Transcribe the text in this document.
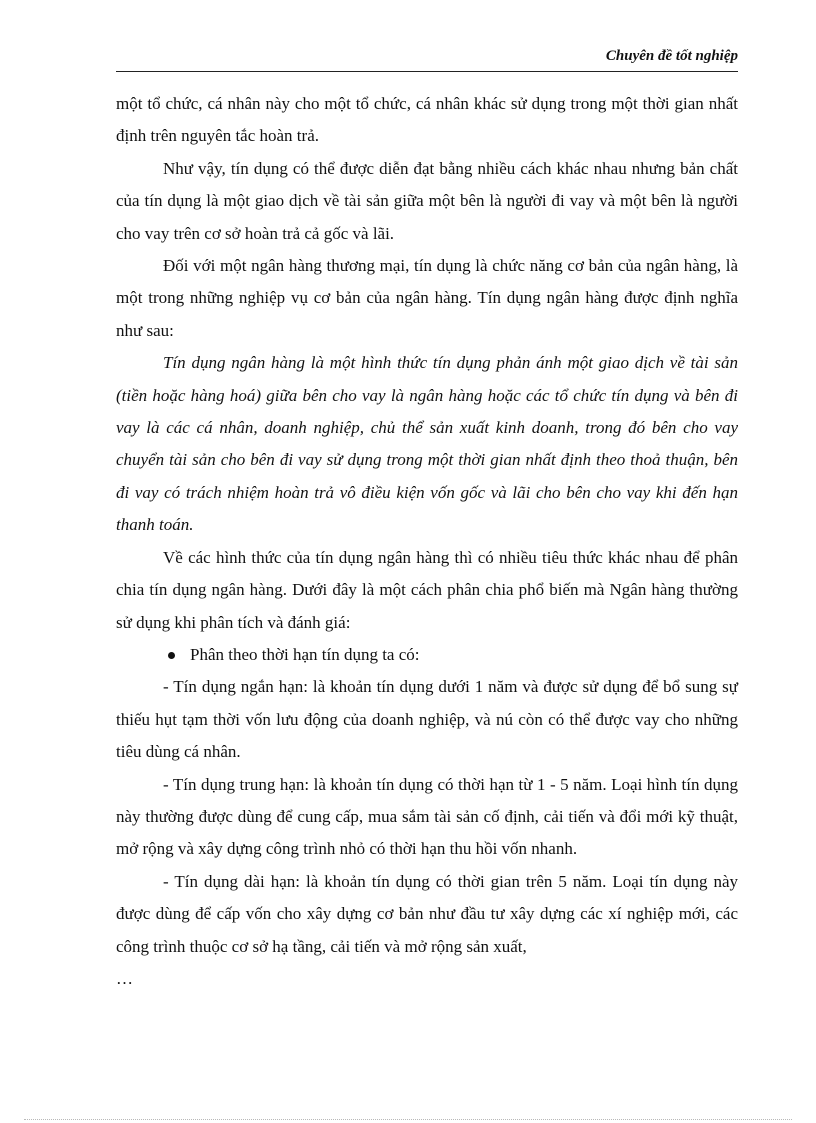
Chuyên đề tốt nghiệp

một tổ chức, cá nhân này cho một tổ chức, cá nhân khác sử dụng trong một thời gian nhất định trên nguyên tắc hoàn trả.

Như vậy, tín dụng có thể được diễn đạt bằng nhiều cách khác nhau nhưng bản chất của tín dụng là một giao dịch về tài sản giữa một bên là người đi vay và một bên là người cho vay trên cơ sở hoàn trả cả gốc và lãi.

Đối với một ngân hàng thương mại, tín dụng là chức năng cơ bản của ngân hàng, là một trong những nghiệp vụ cơ bản của ngân hàng. Tín dụng ngân hàng được định nghĩa như sau:

Tín dụng ngân hàng là một hình thức tín dụng phản ánh một giao dịch về tài sản (tiền hoặc hàng hoá) giữa bên cho vay là ngân hàng hoặc các tổ chức tín dụng và bên đi vay là các cá nhân, doanh nghiệp, chủ thể sản xuất kinh doanh, trong đó bên cho vay chuyển tài sản cho bên đi vay sử dụng trong một thời gian nhất định theo thoả thuận, bên đi vay có trách nhiệm hoàn trả vô điều kiện vốn gốc và lãi cho bên cho vay khi đến hạn thanh toán.

Về các hình thức của tín dụng ngân hàng thì có nhiều tiêu thức khác nhau để phân chia tín dụng ngân hàng. Dưới đây là một cách phân chia phổ biến mà Ngân hàng thường sử dụng khi phân tích và đánh giá:

Phân theo thời hạn tín dụng ta có:

- Tín dụng ngắn hạn: là khoản tín dụng dưới 1 năm và được sử dụng để bổ sung sự thiếu hụt tạm thời vốn lưu động của doanh nghiệp, và nú còn có thể được vay cho những tiêu dùng cá nhân.

- Tín dụng trung hạn: là khoản tín dụng có thời hạn từ 1 - 5 năm. Loại hình tín dụng này thường được dùng để cung cấp, mua sắm tài sản cố định, cải tiến và đổi mới kỹ thuật, mở rộng và xây dựng công trình nhỏ có thời hạn thu hồi vốn nhanh.

- Tín dụng dài hạn: là khoản tín dụng có thời gian trên 5 năm. Loại tín dụng này được dùng để cấp vốn cho xây dựng cơ bản như đầu tư xây dựng các xí nghiệp mới, các công trình thuộc cơ sở hạ tầng, cải tiến và mở rộng sản xuất,

…
